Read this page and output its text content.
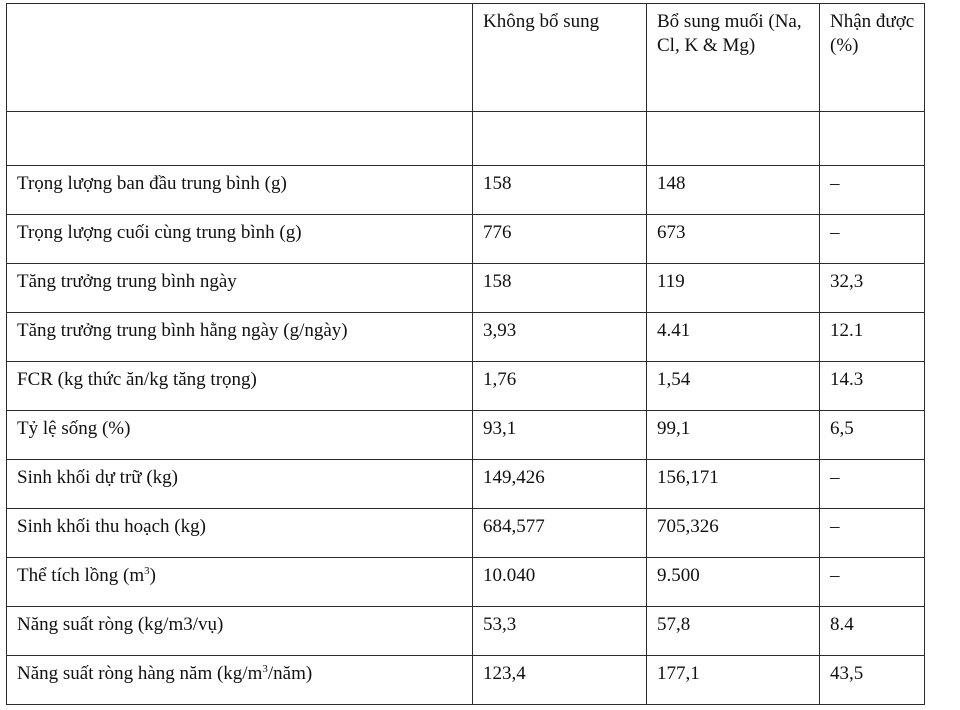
	Không bổ sung	Bổ sung muối (Na, Cl, K & Mg)	Nhận được (%)

Trọng lượng ban đầu trung bình (g)	158	148	–
Trọng lượng cuối cùng trung bình (g)	776	673	–
Tăng trưởng trung bình ngày	158	119	32,3
Tăng trưởng trung bình hằng ngày (g/ngày)	3,93	4.41	12.1
FCR (kg thức ăn/kg tăng trọng)	1,76	1,54	14.3
Tỷ lệ sống (%)	93,1	99,1	6,5
Sinh khối dự trữ (kg)	149,426	156,171	–
Sinh khối thu hoạch (kg)	684,577	705,326	–
Thể tích lồng $(m^3)$	10.040	9.500	–
Năng suất ròng (kg/m3/vụ)	53,3	57,8	8.4
Năng suất ròng hàng năm $(kg/m^3/năm)$	123,4	177,1	43,5
